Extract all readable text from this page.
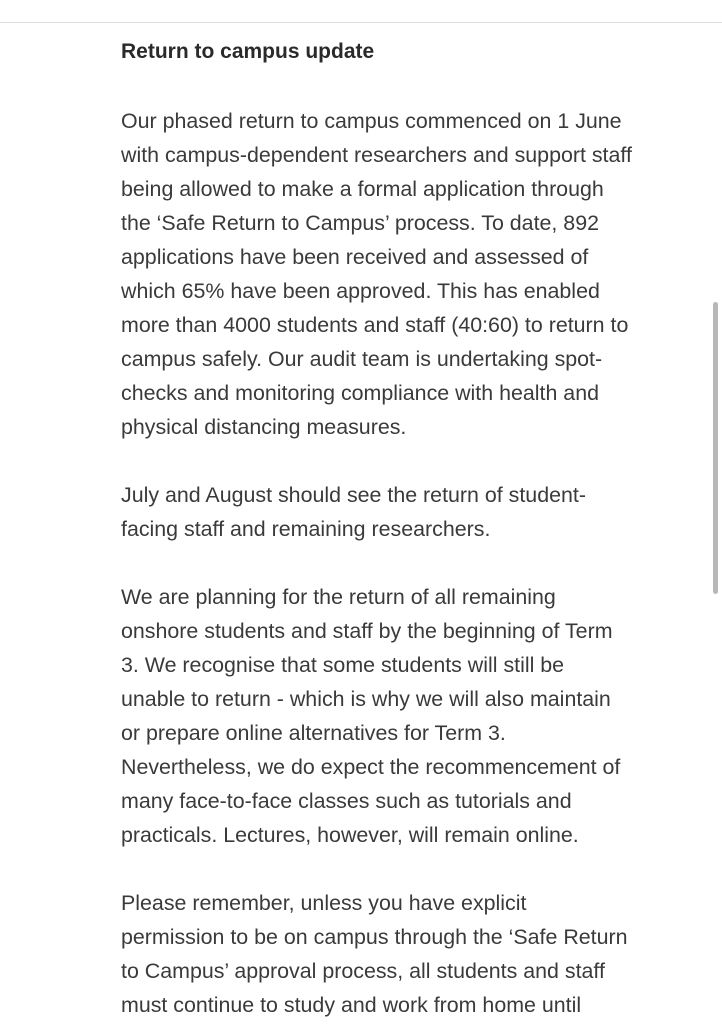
Return to campus update

Our phased return to campus commenced on 1 June
with campus-dependent researchers and support staff
being allowed to make a formal application through
the ‘Safe Return to Campus’ process. To date, 892
applications have been received and assessed of
which 65% have been approved. This has enabled
more than 4000 students and staff (40:60) to return to
campus safely. Our audit team is undertaking spot-
checks and monitoring compliance with health and
physical distancing measures.

July and August should see the return of student-
facing staff and remaining researchers.

We are planning for the return of all remaining
onshore students and staff by the beginning of Term
3. We recognise that some students will still be
unable to return - which is why we will also maintain
or prepare online alternatives for Term 3.
Nevertheless, we do expect the recommencement of
many face-to-face classes such as tutorials and
practicals. Lectures, however, will remain online.

Please remember, unless you have explicit
permission to be on campus through the ‘Safe Return
to Campus’ approval process, all students and staff
must continue to study and work from home until
